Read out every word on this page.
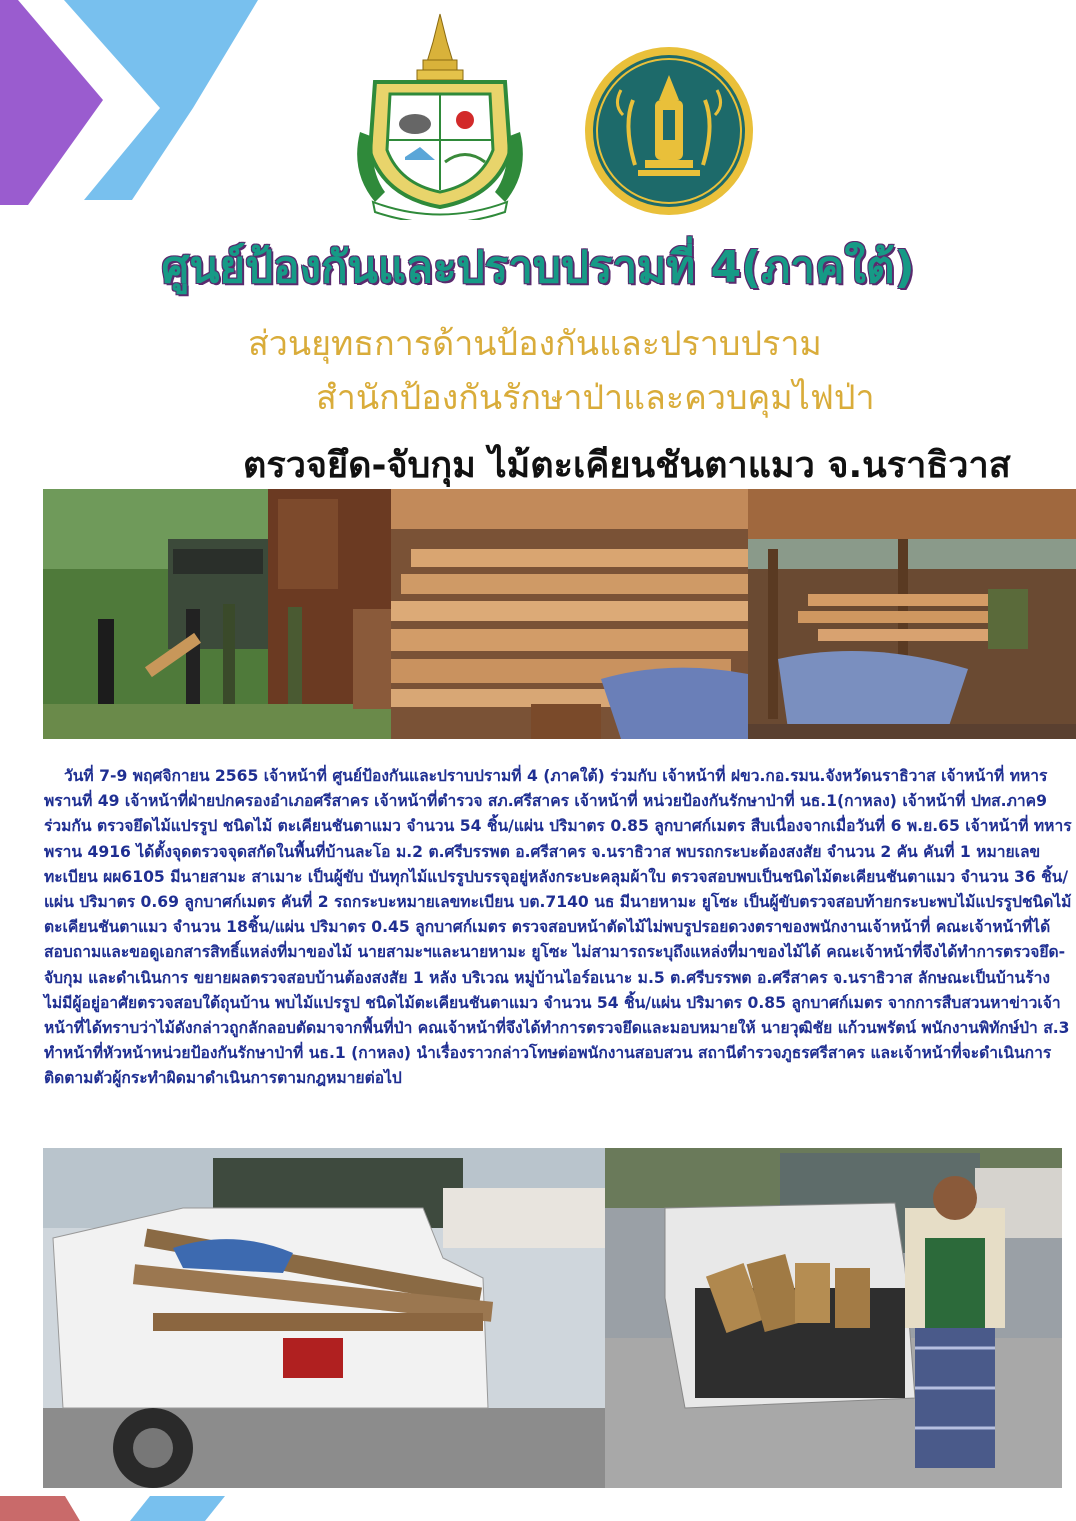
ศูนย์ป้องกันและปราบปรามที่ 4(ภาคใต้)
ส่วนยุทธการด้านป้องกันและปราบปราม
สำนักป้องกันรักษาป่าและควบคุมไฟป่า
ตรวจยึด-จับกุม ไม้ตะเคียนชันตาแมว จ.นราธิวาส
วันที่ 7-9 พฤศจิกายน 2565 เจ้าหน้าที่ ศูนย์ป้องกันและปราบปรามที่ 4 (ภาคใต้) ร่วมกับ เจ้าหน้าที่ ฝขว.กอ.รมน.จังหวัดนราธิวาส เจ้าหน้าที่ ทหารพรานที่ 49 เจ้าหน้าที่ฝ่ายปกครองอำเภอศรีสาคร เจ้าหน้าที่ตำรวจ สภ.ศรีสาคร เจ้าหน้าที่ หน่วยป้องกันรักษาป่าที่ นธ.1(กาหลง) เจ้าหน้าที่ ปทส.ภาค9 ร่วมกัน ตรวจยึดไม้แปรรูป ชนิดไม้ ตะเคียนชันตาแมว จำนวน 54 ชิ้น/แผ่น ปริมาตร 0.85 ลูกบาศก์เมตร สืบเนื่องจากเมื่อวันที่ 6 พ.ย.65 เจ้าหน้าที่ ทหารพราน 4916 ได้ตั้งจุดตรวจจุดสกัดในพื้นที่บ้านละโอ ม.2 ต.ศรีบรรพต อ.ศรีสาคร จ.นราธิวาส พบรถกระบะต้องสงสัย จำนวน 2 คัน คันที่ 1 หมายเลขทะเบียน ผผ6105 มีนายสามะ สาเมาะ เป็นผู้ขับ บันทุกไม้แปรรูปบรรจุอยู่หลังกระบะคลุมผ้าใบ ตรวจสอบพบเป็นชนิดไม้ตะเคียนชันตาแมว จำนวน 36 ชิ้น/แผ่น ปริมาตร 0.69 ลูกบาศก์เมตร คันที่ 2 รถกระบะหมายเลขทะเบียน บต.7140 นธ มีนายหามะ ยูโซะ เป็นผู้ขับตรวจสอบท้ายกระบะพบไม้แปรรูปชนิดไม้ตะเคียนชันตาแมว จำนวน 18ชิ้น/แผ่น ปริมาตร 0.45 ลูกบาศก์เมตร ตรวจสอบหน้าตัดไม้ไม่พบรูปรอยดวงตราของพนักงานเจ้าหน้าที่ คณะเจ้าหน้าที่ได้สอบถามและขอดูเอกสารสิทธิ์แหล่งที่มาของไม้ นายสามะฯและนายหามะ ยูโซะ ไม่สามารถระบุถึงแหล่งที่มาของไม้ได้ คณะเจ้าหน้าที่จึงได้ทำการตรวจยึด-จับกุม และดำเนินการ ขยายผลตรวจสอบบ้านต้องสงสัย 1 หลัง บริเวณ หมู่บ้านไอร์อเนาะ ม.5 ต.ศรีบรรพต อ.ศรีสาคร จ.นราธิวาส ลักษณะเป็นบ้านร้างไม่มีผู้อยู่อาศัยตรวจสอบใต้ถุนบ้าน พบไม้แปรรูป ชนิดไม้ตะเคียนชันตาแมว จำนวน 54 ชิ้น/แผ่น ปริมาตร 0.85 ลูกบาศก์เมตร จากการสืบสวนหาข่าวเจ้าหน้าที่ได้ทราบว่าไม้ดังกล่าวถูกลักลอบตัดมาจากพื้นที่ป่า คณเจ้าหน้าที่จึงได้ทำการตรวจยึดและมอบหมายให้ นายวุฒิชัย แก้วนพรัตน์ พนักงานพิทักษ์ป่า ส.3 ทำหน้าที่หัวหน้าหน่วยป้องกันรักษาป่าที่ นธ.1 (กาหลง) นำเรื่องราวกล่าวโทษต่อพนักงานสอบสวน สถานีตำรวจภูธรศรีสาคร และเจ้าหน้าที่จะดำเนินการติดตามตัวผู้กระทำผิดมาดำเนินการตามกฎหมายต่อไป
